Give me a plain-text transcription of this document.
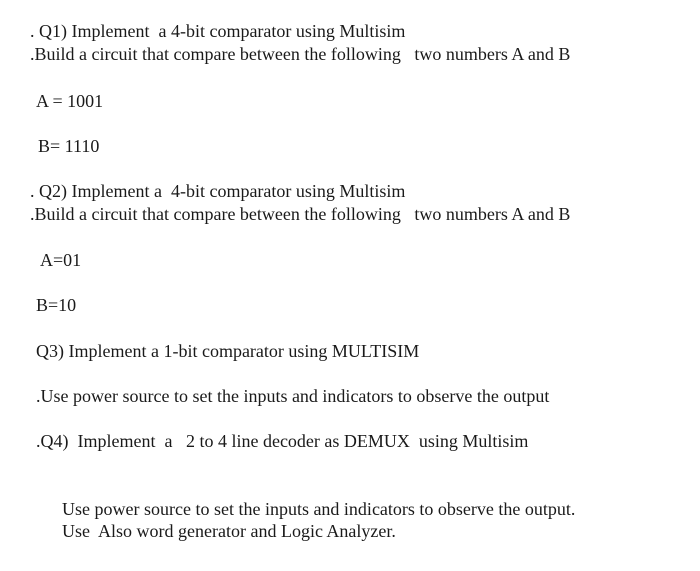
. Q1) Implement  a 4-bit comparator using Multisim
.Build a circuit that compare between the following   two numbers A and B
A = 1001
B= 1110
. Q2) Implement a  4-bit comparator using Multisim
.Build a circuit that compare between the following   two numbers A and B
A=01
B=10
Q3) Implement a 1-bit comparator using MULTISIM
.Use power source to set the inputs and indicators to observe the output
.Q4)  Implement  a   2 to 4 line decoder as DEMUX  using Multisim
Use power source to set the inputs and indicators to observe the output.
Use  Also word generator and Logic Analyzer.
